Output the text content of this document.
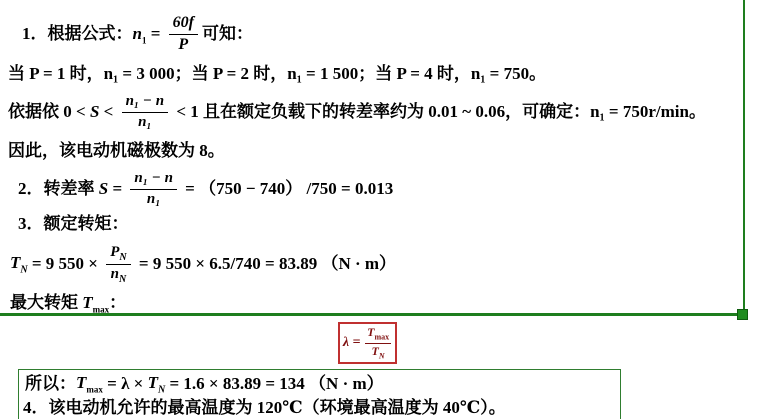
1．根据公式： $n_1 = \frac{60f}{P}$ 可知：
当 P = 1 时，n₁ = 3 000；当 P = 2 时，n₁ = 1 500；当 P = 4 时，n₁ = 750。
依据依 $0 < S < \frac{\text{n₁ − n}}{\text{n₁}} < 1$ 且在额定负载下的转差率约为 0.01 ~ 0.06，可确定：n₁ = 750r/min。
因此，该电动机磁极数为 8。
2．转差率 $S = \frac{\text{n₁ − n}}{\text{n₁}} = (750 - 740) /750 = 0.013$
3．额定转矩：
$T_N = 9$ $550 \times \frac{P_N}{n_N} = 9$ 550 × 6.5/740 = 83.89 （N · m）
最大转矩 $T_{max}$ ：
$\lambda = \frac{T_{max}}{T_N}$
所以： $T_{max} = \lambda \times T_N = 1.6 \times 83.89 = 134$ （N · m）
4．该电动机允许的最高温度为 120℃（环境最高温度为 40℃）。
